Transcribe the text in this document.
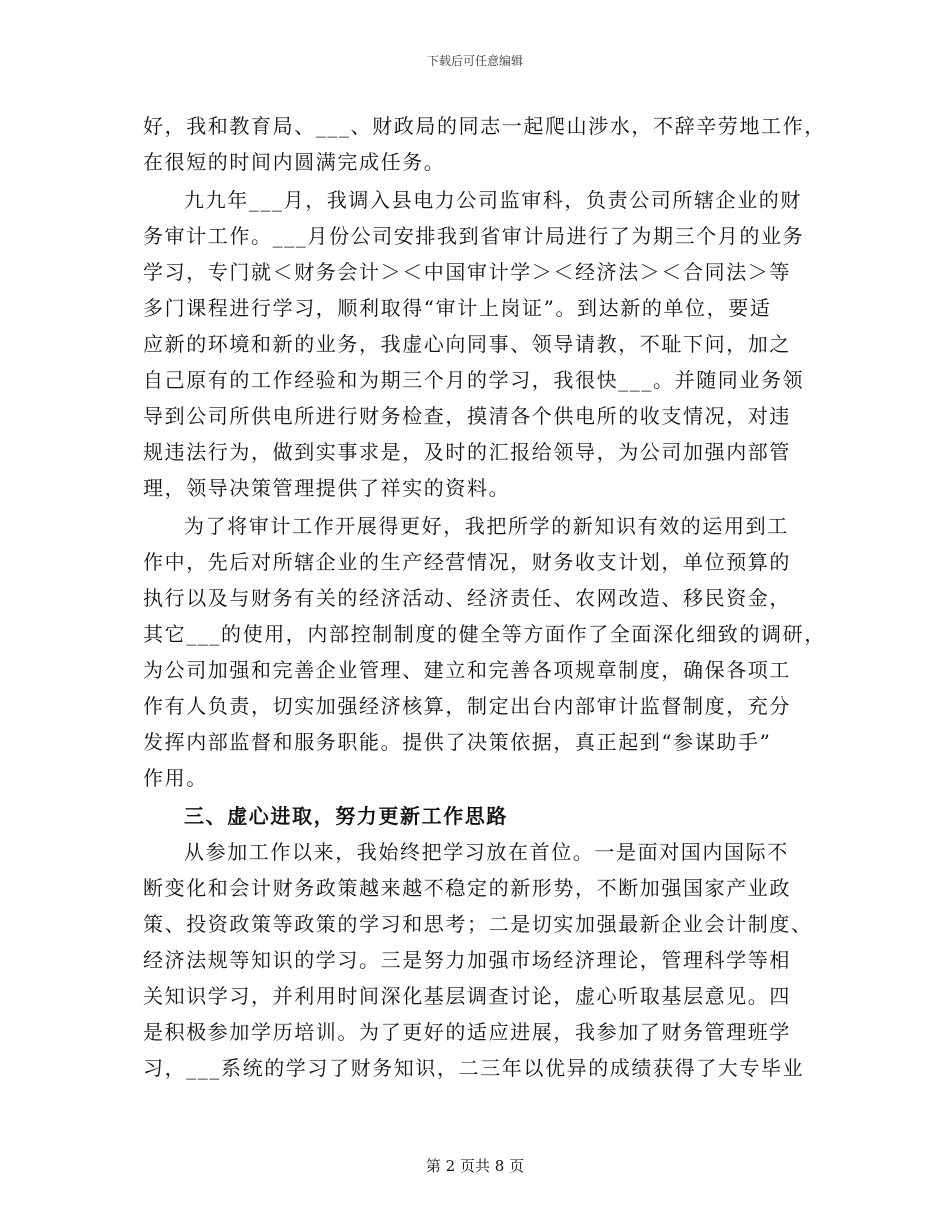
下载后可任意编辑
好，我和教育局、___、财政局的同志一起爬山涉水，不辞辛劳地工作，
在很短的时间内圆满完成任务。
九九年___月，我调入县电力公司监审科，负责公司所辖企业的财
务审计工作。___月份公司安排我到省审计局进行了为期三个月的业务
学习，专门就＜财务会计＞＜中国审计学＞＜经济法＞＜合同法＞等
多门课程进行学习，顺利取得“审计上岗证”。到达新的单位，要适
应新的环境和新的业务，我虚心向同事、领导请教，不耻下问，加之
自己原有的工作经验和为期三个月的学习，我很快___。并随同业务领
导到公司所供电所进行财务检查，摸清各个供电所的收支情况，对违
规违法行为，做到实事求是，及时的汇报给领导，为公司加强内部管
理，领导决策管理提供了祥实的资料。
为了将审计工作开展得更好，我把所学的新知识有效的运用到工
作中，先后对所辖企业的生产经营情况，财务收支计划，单位预算的
执行以及与财务有关的经济活动、经济责任、农网改造、移民资金，
其它___的使用，内部控制制度的健全等方面作了全面深化细致的调研，
为公司加强和完善企业管理、建立和完善各项规章制度，确保各项工
作有人负责，切实加强经济核算，制定出台内部审计监督制度，充分
发挥内部监督和服务职能。提供了决策依据，真正起到“参谋助手”
作用。
三、虚心进取，努力更新工作思路
从参加工作以来，我始终把学习放在首位。一是面对国内国际不
断变化和会计财务政策越来越不稳定的新形势，不断加强国家产业政
策、投资政策等政策的学习和思考；二是切实加强最新企业会计制度、
经济法规等知识的学习。三是努力加强市场经济理论，管理科学等相
关知识学习，并利用时间深化基层调查讨论，虚心听取基层意见。四
是积极参加学历培训。为了更好的适应进展，我参加了财务管理班学
习，___系统的学习了财务知识，二三年以优异的成绩获得了大专毕业
第 2 页共 8 页
